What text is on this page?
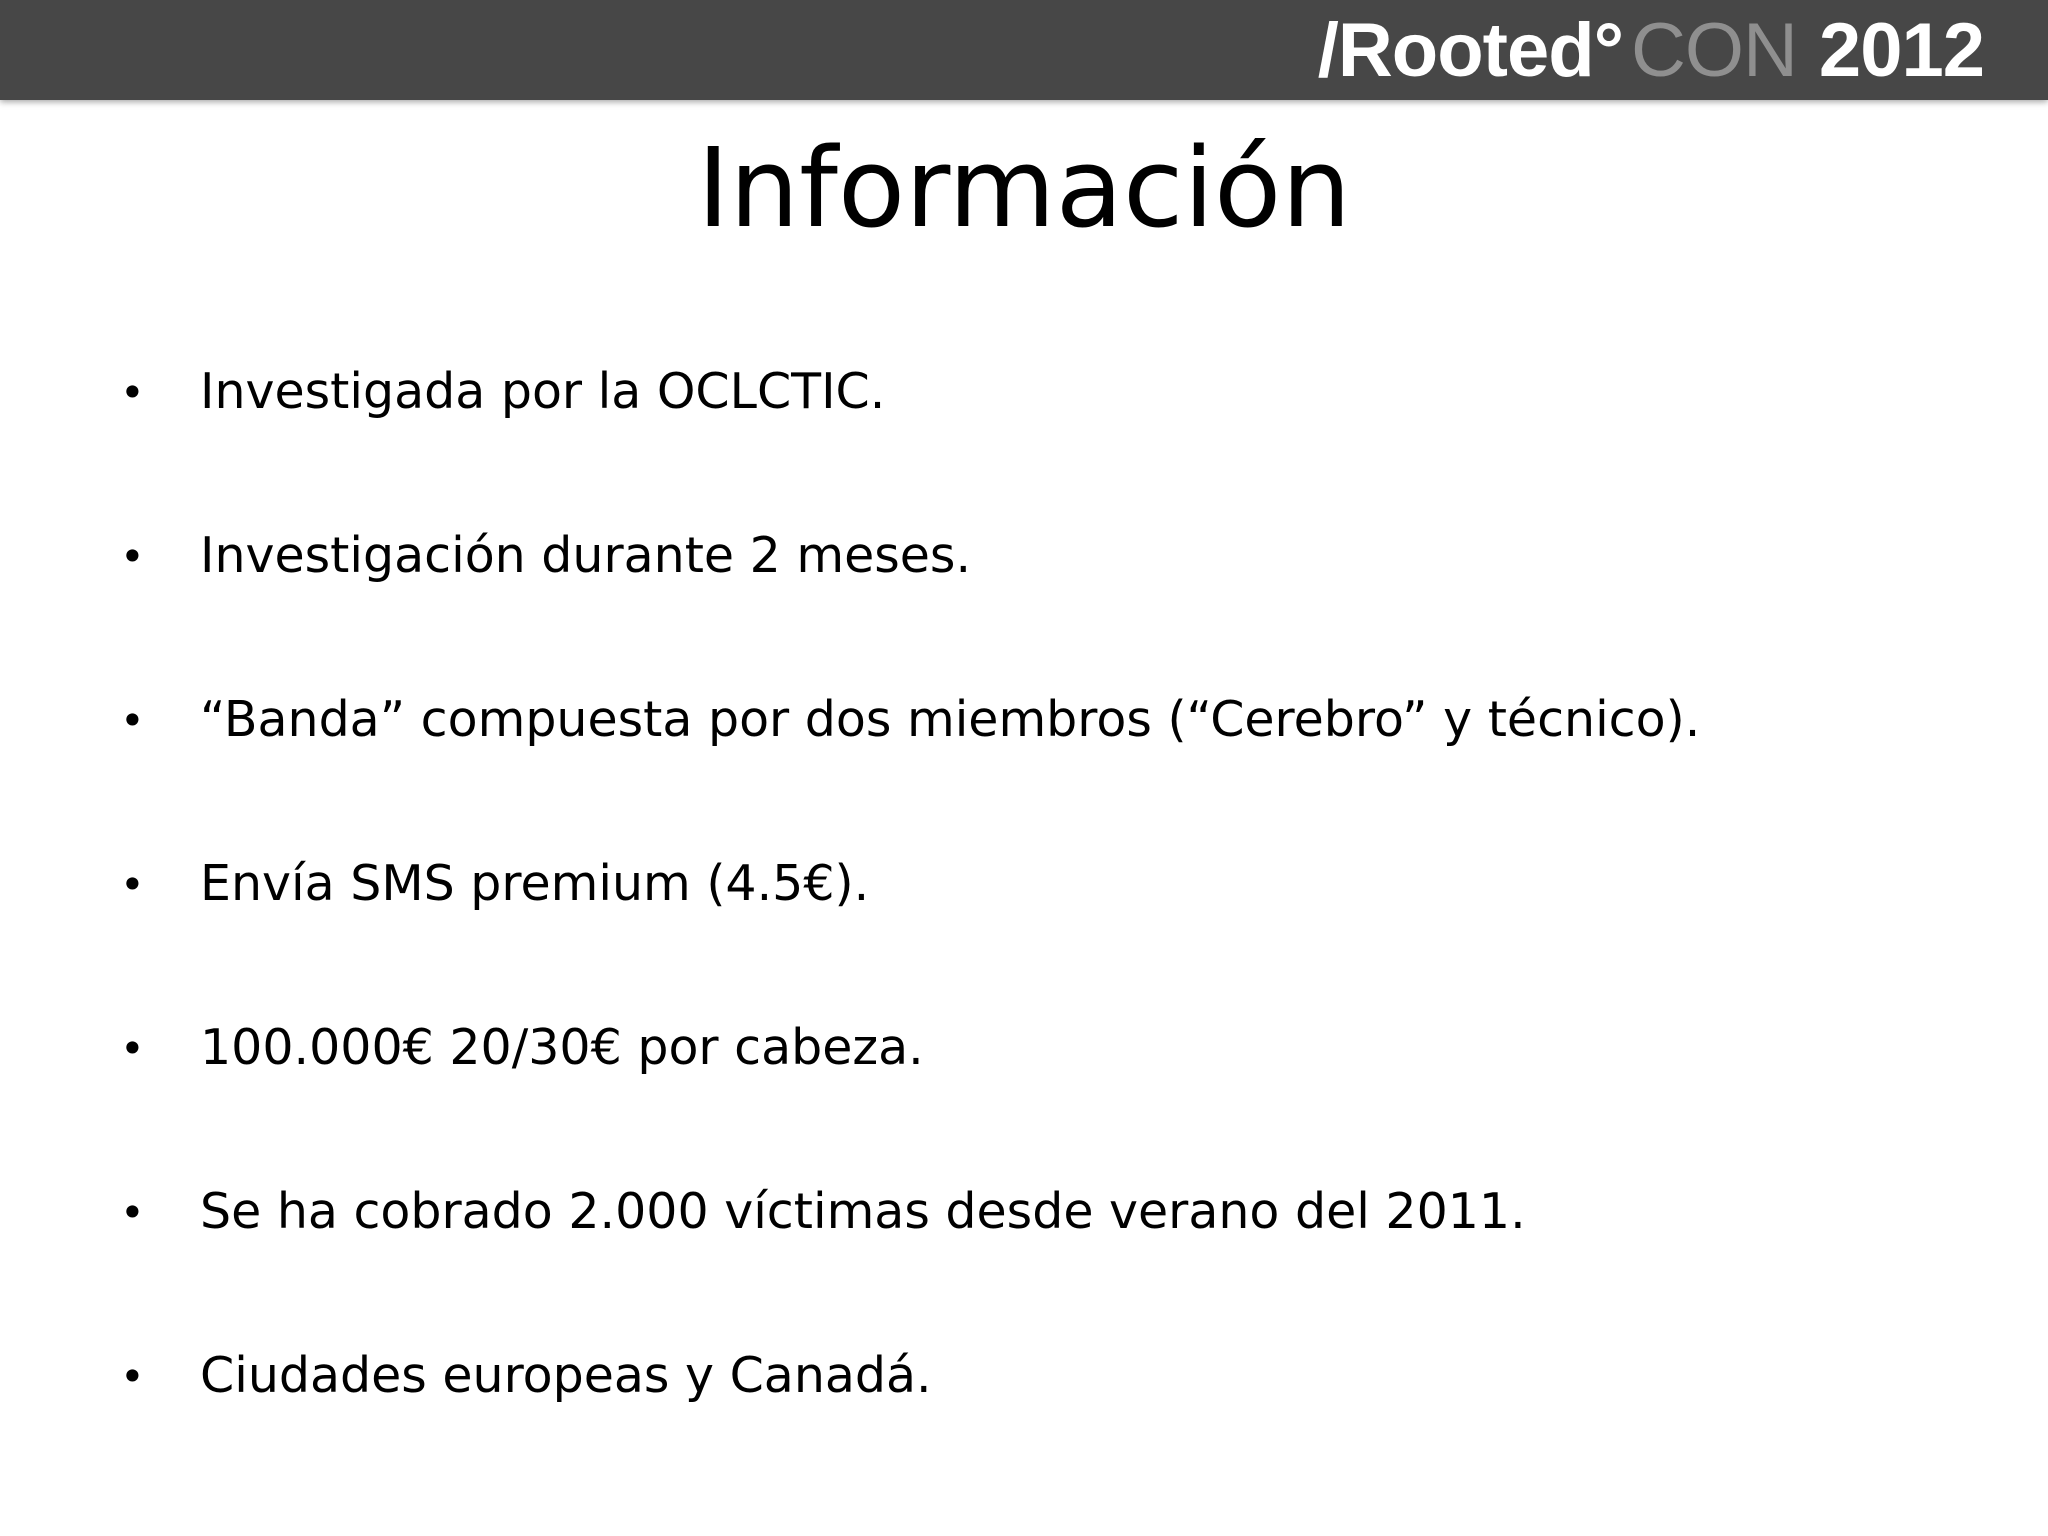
/Rooted° CON 2012
Información
• Investigada por la OCLCTIC.
• Investigación durante 2 meses.
• “Banda” compuesta por dos miembros (“Cerebro” y técnico).
• Envía SMS premium (4.5€).
• 100.000€ 20/30€ por cabeza.
• Se ha cobrado 2.000 víctimas desde verano del 2011.
• Ciudades europeas y Canadá.
